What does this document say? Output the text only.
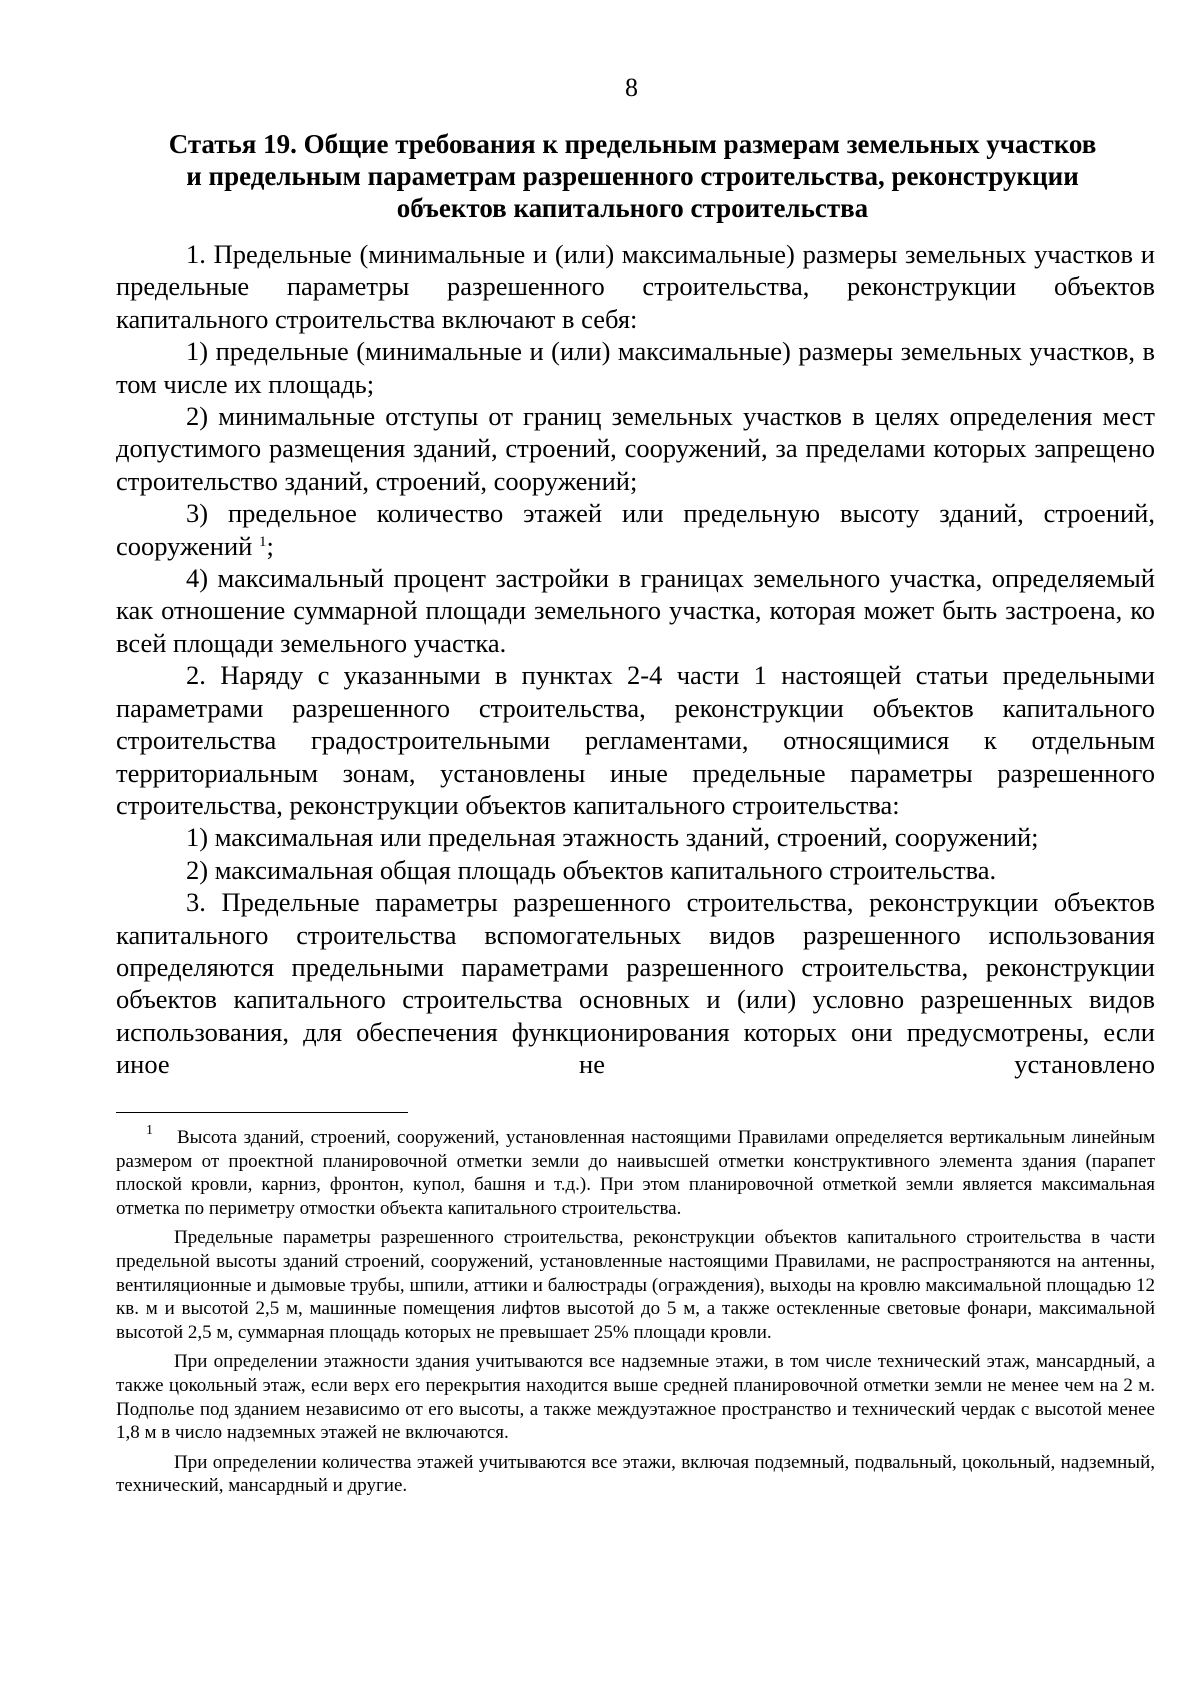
8
Статья 19. Общие требования к предельным размерам земельных участков
и предельным параметрам разрешенного строительства, реконструкции
объектов капитального строительства

1. Предельные (минимальные и (или) максимальные) размеры земельных участков и предельные параметры разрешенного строительства, реконструкции объектов капитального строительства включают в себя:

1) предельные (минимальные и (или) максимальные) размеры земельных участков, в том числе их площадь;

2) минимальные отступы от границ земельных участков в целях определения мест допустимого размещения зданий, строений, сооружений, за пределами которых запрещено строительство зданий, строений, сооружений;

3) предельное количество этажей или предельную высоту зданий, строений, сооружений $^1$;

4) максимальный процент застройки в границах земельного участка, определяемый как отношение суммарной площади земельного участка, которая может быть застроена, ко всей площади земельного участка.

2. Наряду с указанными в пунктах 2-4 части 1 настоящей статьи предельными параметрами разрешенного строительства, реконструкции объектов капитального строительства градостроительными регламентами, относящимися к отдельным территориальным зонам, установлены иные предельные параметры разрешенного строительства, реконструкции объектов капитального строительства:

1) максимальная или предельная этажность зданий, строений, сооружений;

2) максимальная общая площадь объектов капитального строительства.

3. Предельные параметры разрешенного строительства, реконструкции объектов капитального строительства вспомогательных видов разрешенного использования определяются предельными параметрами разрешенного строительства, реконструкции объектов капитального строительства основных и (или) условно разрешенных видов использования, для обеспечения функционирования которых они предусмотрены, если иное не установлено

$^1$ Высота зданий, строений, сооружений, установленная настоящими Правилами определяется вертикальным линейным размером от проектной планировочной отметки земли до наивысшей отметки конструктивного элемента здания (парапет плоской кровли, карниз, фронтон, купол, башня и т.д.). При этом планировочной отметкой земли является максимальная отметка по периметру отмостки объекта капитального строительства.

Предельные параметры разрешенного строительства, реконструкции объектов капитального строительства в части предельной высоты зданий строений, сооружений, установленные настоящими Правилами, не распространяются на антенны, вентиляционные и дымовые трубы, шпили, аттики и балюстрады (ограждения), выходы на кровлю максимальной площадью 12 кв. м и высотой 2,5 м, машинные помещения лифтов высотой до 5 м, а также остекленные световые фонари, максимальной высотой 2,5 м, суммарная площадь которых не превышает 25% площади кровли.

При определении этажности здания учитываются все надземные этажи, в том числе технический этаж, мансардный, а также цокольный этаж, если верх его перекрытия находится выше средней планировочной отметки земли не менее чем на 2 м. Подполье под зданием независимо от его высоты, а также междуэтажное пространство и технический чердак с высотой менее 1,8 м в число надземных этажей не включаются.

При определении количества этажей учитываются все этажи, включая подземный, подвальный, цокольный, надземный, технический, мансардный и другие.
